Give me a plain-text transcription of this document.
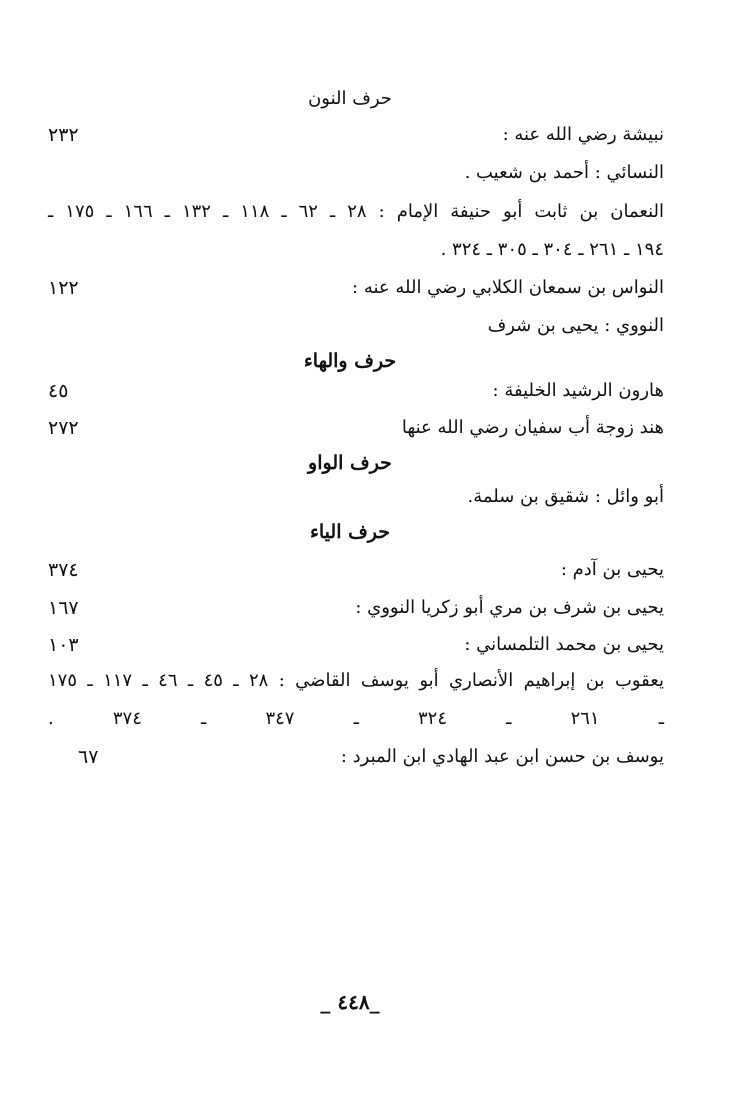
حرف النون
نبيشة رضي الله عنه :
٢٣٢
النسائي : أحمد بن شعيب .
النعمان بن ثابت أبو حنيفة الإمام : ٢٨ ـ ٦٢ ـ ١١٨ ـ ١٣٢ ـ ١٦٦ ـ ١٧٥ ـ
١٩٤ ـ ٢٦١ ـ ٣٠٤ ـ ٣٠٥ ـ ٣٢٤ .
النواس بن سمعان الكلابي رضي الله عنه :
١٢٢
النووي : يحيى بن شرف
حرف والهاء
هارون الرشيد الخليفة :
٤٥
هند زوجة أب سفيان رضي الله عنها
٢٧٢
حرف الواو
أبو وائل : شقيق بن سلمة.
حرف الياء
يحيى بن آدم :
٣٧٤
يحيى بن شرف بن مري أبو زكريا النووي :
١٦٧
يحيى بن محمد التلمساني :
١٠٣
يعقوب بن إبراهيم الأنصاري أبو يوسف القاضي : ٢٨ ـ ٤٥ ـ ٤٦ ـ ١١٧ ـ ١٧٥
ـ ٢٦١ ـ ٣٢٤ ـ ٣٤٧ ـ ٣٧٤ .
يوسف بن حسن ابن عبد الهادي ابن المبرد :
٦٧
_٤٤٨ _
